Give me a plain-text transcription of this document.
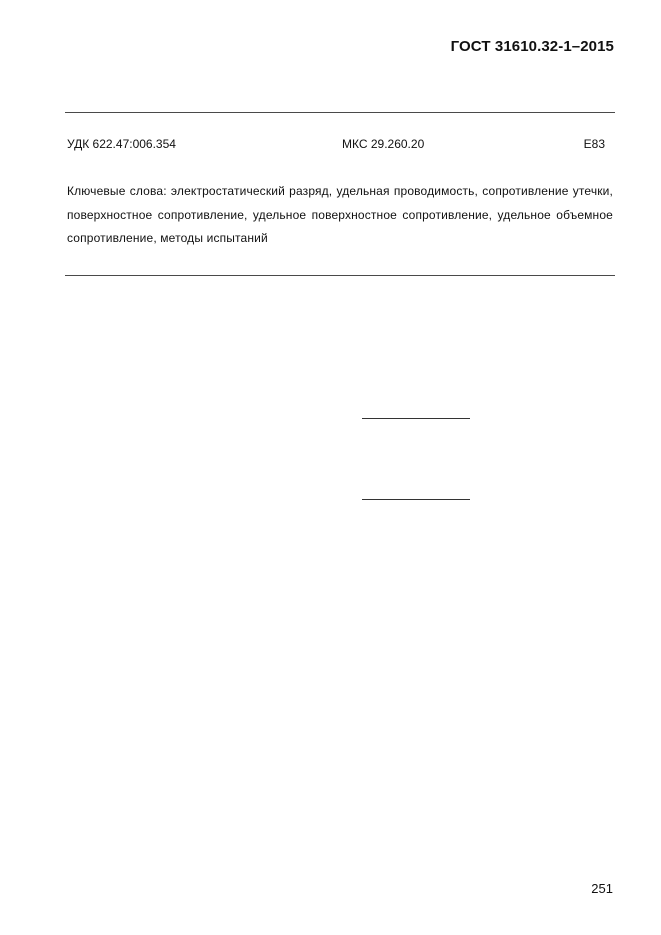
ГОСТ 31610.32-1–2015
УДК 622.47:006.354	МКС 29.260.20	Е83
Ключевые слова: электростатический разряд, удельная проводимость, сопротивление утечки, поверхностное сопротивление, удельное поверхностное сопротивление, удельное объемное сопротивление, методы испытаний
251
